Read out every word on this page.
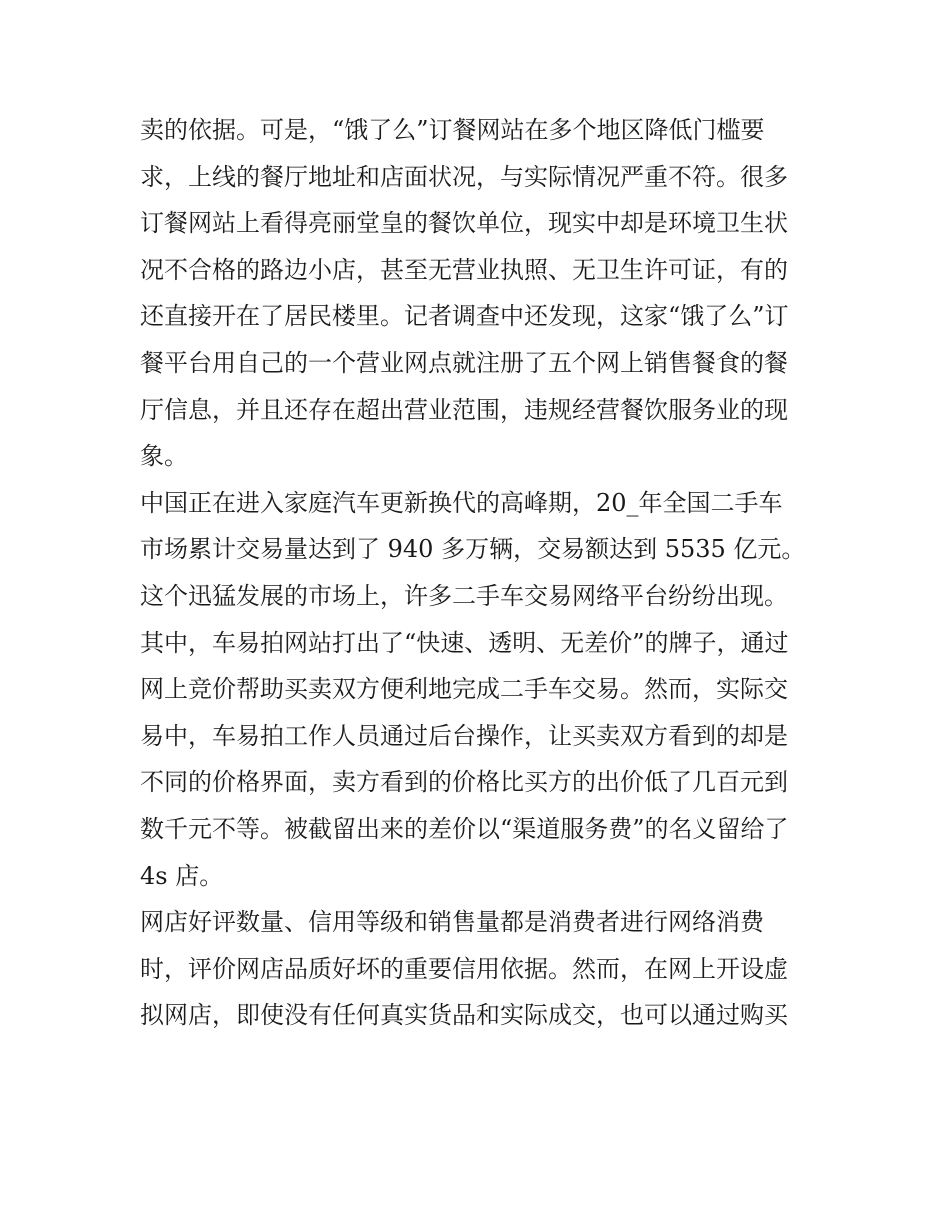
卖的依据。可是，“饿了么”订餐网站在多个地区降低门槛要
求，上线的餐厅地址和店面状况，与实际情况严重不符。很多
订餐网站上看得亮丽堂皇的餐饮单位，现实中却是环境卫生状
况不合格的路边小店，甚至无营业执照、无卫生许可证，有的
还直接开在了居民楼里。记者调查中还发现，这家“饿了么”订
餐平台用自己的一个营业网点就注册了五个网上销售餐食的餐
厅信息，并且还存在超出营业范围，违规经营餐饮服务业的现
象。
中国正在进入家庭汽车更新换代的高峰期，20_年全国二手车
市场累计交易量达到了 940 多万辆，交易额达到 5535 亿元。
这个迅猛发展的市场上，许多二手车交易网络平台纷纷出现。
其中，车易拍网站打出了“快速、透明、无差价”的牌子，通过
网上竞价帮助买卖双方便利地完成二手车交易。然而，实际交
易中，车易拍工作人员通过后台操作，让买卖双方看到的却是
不同的价格界面，卖方看到的价格比买方的出价低了几百元到
数千元不等。被截留出来的差价以“渠道服务费”的名义留给了
4s 店。
网店好评数量、信用等级和销售量都是消费者进行网络消费
时，评价网店品质好坏的重要信用依据。然而，在网上开设虚
拟网店，即使没有任何真实货品和实际成交，也可以通过购买
